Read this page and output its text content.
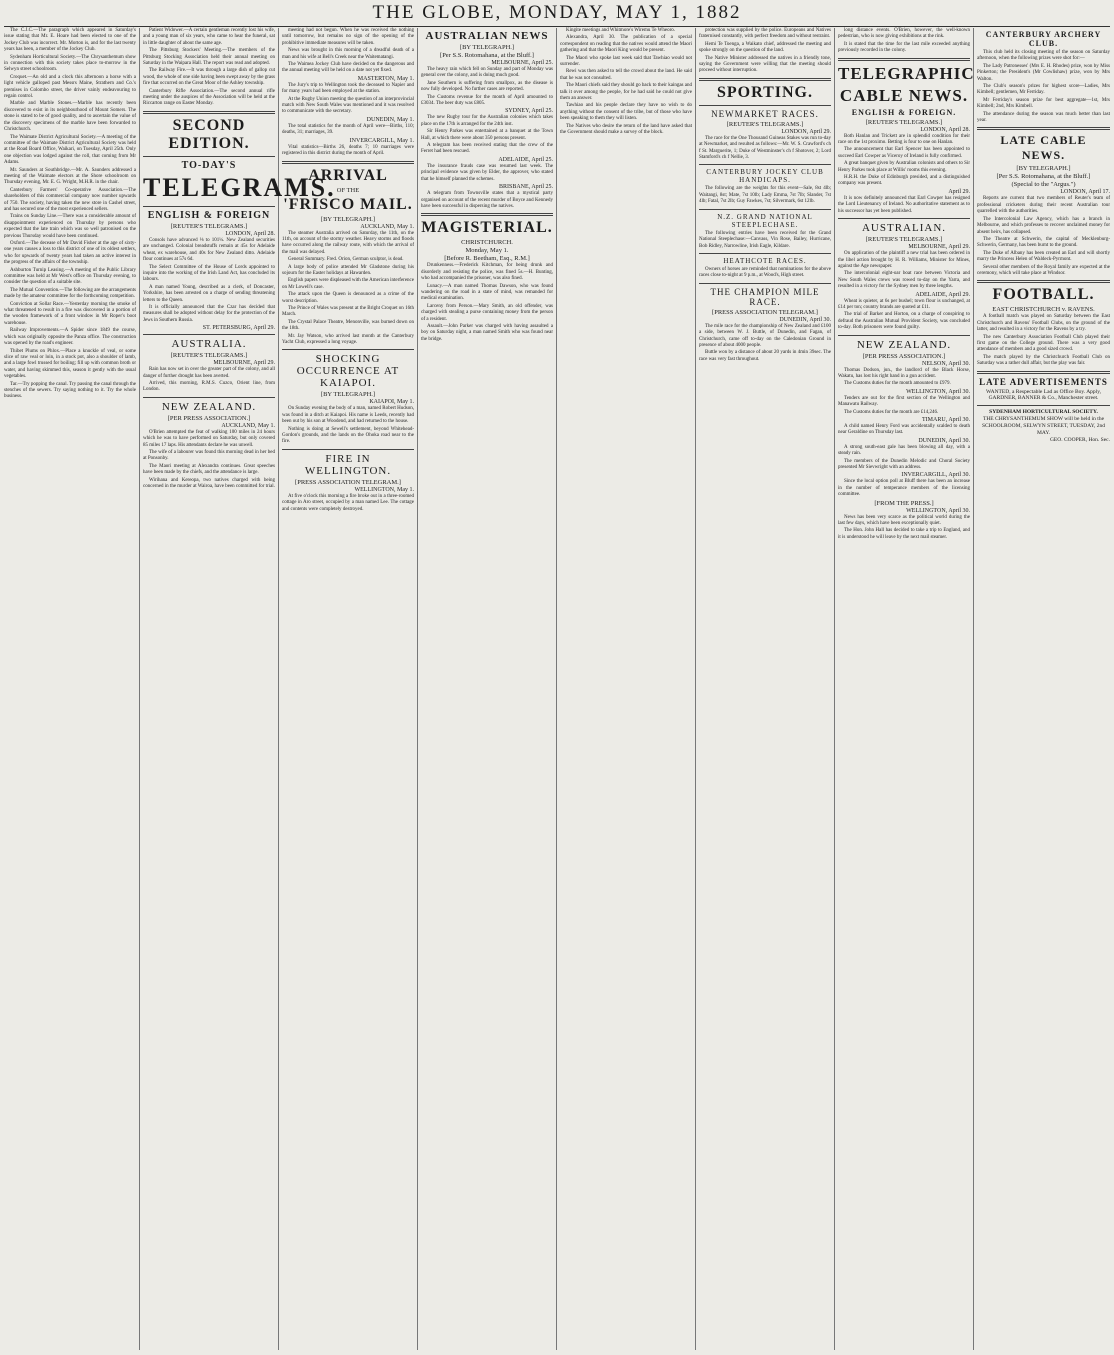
THE GLOBE, MONDAY, MAY 1, 1882

The C.J.C.—The paragraph which appeared in Saturday's issue stating that Mr. E. Hoare had been elected to one of the Jockey Club was incorrect. Mr. Morton is, and for the last twenty years has been, a member of the Jockey Club.

Sydenham Horticultural Society.—The Chrysanthemum show in connection with this society takes place to-morrow in the Selwyn street schoolroom.

Croquet.—An old and a clock this afternoon a horse with a light vehicle galloped past Messrs Maine, Strathern and Co.'s premises in Colombo street, the driver vainly endeavouring to regain control.

Marble and Marble Stones.—Marble has recently been discovered to exist in its neighbourhood of Mount Somers. The stone is stated to be of good quality, and to ascertain the value of the discovery specimens of the marble have been forwarded to Christchurch.

The Waimate District Agricultural Society.—A meeting of the committee of the Waimate District Agricultural Society was held at the Road Board Office, Waikari, on Tuesday, April 25th. Only one objection was lodged against the roll, that coming from Mr Adams.

Mr. Saunders at Southbridge.—Mr. A. Saunders addressed a meeting of the Waimate electors at the Shore schoolroom on Thursday evening, Mr. E. G. Wright, M.H.R. in the chair.

Canterbury Farmers' Co-operative Association.—The shareholders of this commercial company now number upwards of 750. The society, having taken the new store in Cashel street, and has secured one of the most experienced sellers.

Trains on Sunday Line.—There was a considerable amount of disappointment experienced on Thursday by persons who expected that the late train which was so well patronised on the previous Thursday would have been continued.

Oxford.—The decease of Mr David Fisher at the age of sixty-one years causes a loss to this district of one of its oldest settlers, who for upwards of twenty years had taken an active interest in the progress of the affairs of the township.

Ashburton Turnip Leasing.—A meeting of the Public Library committee was held at Mr West's office on Thursday evening, to consider the question of a suitable site.

The Mutual Convention.—The following are the arrangements made by the amateur committee for the forthcoming competition.

Conviction at Sollar Race.—Yesterday morning the smoke of what threatened to result in a fire was discovered in a portion of the wooden framework of a front window in Mr Roper's boot warehouse.

Railway Improvements.—A Spider since 1849 the course, which was originally opposite the Panza office. The construction was opened by the road's engineer.

Thibet Plums on Phlox.—Place a knuckle of veal, or some slice of raw veal or loin, in a stock pot, also a shoulder of lamb, and a large fowl trussed for boiling; fill up with common broth or water, and having skimmed this, season it gently with the usual vegetables.

Tar.—Try popping the canal. Try passing the canal through the stenches of the sewers. Try saying nothing to it. Try the whole business.

Patient Widower.—A certain gentleman recently lost his wife, and a young man of six years, who came to hear the funeral, sat in little daughter of about the same age.

The Pittsburg Stockers' Meeting.—The members of the Pittsburg Stocking Association held their annual meeting on Saturday in the Waipara Hall. The report was read and adopted.

The Railway Fire.—It was through a large dish of gallop cut wood, the whole of one side having been swept away by the grass fire that occurred on the Great Moor of the Ashley township.

Canterbury Rifle Association.—The second annual rifle meeting under the auspices of the Association will be held at the Riccarton range on Easter Monday.

SECOND EDITION.
TO-DAY'S
TELEGRAMS.
ENGLISH & FOREIGN
[REUTER'S TELEGRAMS.]
LONDON, April 28.

Consols have advanced ⅛ to 101¼. New Zealand securities are unchanged. Colonial breadstuffs remain at 45s for Adelaide wheat, ex warehouse, and 40s for New Zealand ditto. Adelaide flour continues at 57s 6d.

The Select Committee of the House of Lords appointed to inquire into the working of the Irish Land Act, has concluded its labours.

A man named Young, described as a clerk, of Doncaster, Yorkshire, has been arrested on a charge of sending threatening letters to the Queen.

It is officially announced that the Czar has decided that measures shall be adopted without delay for the protection of the Jews in Southern Russia.

ST. PETERSBURG, April 29.
AUSTRALIA.
[REUTER'S TELEGRAMS.]
MELBOURNE, April 29.

Rain has now set in over the greater part of the colony, and all danger of further drought has been averted.

Arrived, this morning, R.M.S. Cuzco, Orient line, from London.

NEW ZEALAND.
[PER PRESS ASSOCIATION.]
AUCKLAND, May 1.

O'Brien attempted the feat of walking 100 miles in 24 hours which he was to have performed on Saturday, but only covered 85 miles 17 laps. His attendants declare he was unwell.

The wife of a labourer was found this morning dead in her bed at Ponsonby.

The Maori meeting at Alexandra continues. Great speeches have been made by the chiefs, and the attendance is large.

Wirihana and Kereopa, two natives charged with being concerned in the murder at Wairoa, have been committed for trial.

meeting had not begun. When he was received the nothing until tomorrow, but remains no sign of the opening of the prohibitive immediate measures will be taken.

News was brought in this morning of a dreadful death of a man and his wife at Bell's Creek near the Waitematangi.

The Waimea Jockey Club have decided on the dangerous and the annual meeting will be held on a date not yet fixed.

MASTERTON, May 1.

The Jury's trip to Wellington took the deceased to Napier and for many years had been employed at the station.

At the Rugby Union meeting the question of an interprovincial match with New South Wales was mentioned and it was resolved to communicate with the secretary.

DUNEDIN, May 1.

The total statistics for the month of April were—Births, 110; deaths, 31; marriages, 39.

INVERCARGILL, May 1.

Vital statistics—Births 26, deaths 7; 10 marriages were registered in this district during the month of April.

ARRIVAL
OF THE
'FRISCO MAIL.
[BY TELEGRAPH.]
AUCKLAND, May 1.

The steamer Australia arrived on Saturday, the 11th, on the 11th, on account of the stormy weather. Heavy storms and floods have occurred along the railway route, with which the arrival of the mail was delayed.

General Summary. Fred. Orion, German sculptor, is dead.

A large body of police attended Mr Gladstone during his sojourn for the Easter holidays at Hawarden.

English papers were displeased with the American interference on Mr Lowell's case.

The attack upon the Queen is denounced as a crime of the worst description.

The Prince of Wales was present at the Bright Croquet on 16th March.

The Crystal Palace Theatre, Menonville, was burned down on the 18th.

Mr. Jay Watson, who arrived last month at the Canterbury Yacht Club, expressed a long voyage.

SHOCKING OCCURRENCE AT KAIAPOI.
[BY TELEGRAPH.]
KAIAPOI, May 1.

On Sunday evening the body of a man, named Robert Hudson, was found in a ditch at Kaiapoi. His name is Leeds, recently had been out by his son at Woodend, and had returned to the house.

Nothing is doing at Sewell's settlement, beyond Whitehead-Gordon's grounds, and the lands on the Ohoka road near to the fire.

FIRE IN WELLINGTON.
[PRESS ASSOCIATION TELEGRAM.]
WELLINGTON, May 1.

At five o'clock this morning a fire broke out in a three-roomed cottage in Aro street, occupied by a man named Lee. The cottage and contents were completely destroyed.

AUSTRALIAN NEWS
[BY TELEGRAPH.]
[Per S.S. Rotomahana, at the Bluff.]
MELBOURNE, April 25.

The heavy rain which fell on Sunday and part of Monday was general over the colony, and is doing much good.

Jane Southern is suffering from smallpox, as the disease is now fully developed. No further cases are reported.

The Customs revenue for the month of April amounted to £3034. The beer duty was £805.

SYDNEY, April 25.

The new Rugby tour for the Australian colonies which takes place on the 17th is arranged for the 24th inst.

Sir Henry Parkes was entertained at a banquet at the Town Hall, at which there were about 350 persons present.

A telegram has been received stating that the crew of the Ferret had been rescued.

ADELAIDE, April 25.

The insurance frauds case was resumed last week. The principal evidence was given by Elder, the approver, who stated that he himself planned the schemes.

BRISBANE, April 25.

A telegram from Townsville states that a mystical party organised on account of the recent murder of Boyce and Kennedy have been successful in dispersing the natives.

MAGISTERIAL.
CHRISTCHURCH.
Monday, May 1.
[Before R. Beetham, Esq., R.M.]

Drunkenness.—Frederick Kitchman, for being drunk and disorderly and resisting the police, was fined 5s.—H. Bunting, who had accompanied the prisoner, was also fined.

Lunacy.—A man named Thomas Dawson, who was found wandering on the road in a state of mind, was remanded for medical examination.

Larceny from Person.—Mary Smith, an old offender, was charged with stealing a purse containing money from the person of a resident.

Assault.—John Parker was charged with having assaulted a boy on Saturday night, a man named Smith who was found near the bridge.

Kingite meetings and Whitmore's Wiremu Te Wheoro.

Alexandra, April 30. The publication of a special correspondent on reading that the natives would attend the Maori gathering and that the Maori King would be present.

The Maori who spoke last week said that Tawhiao would not surrender.

Rewi was then asked to tell the crowd about the land. He said that he was not consulted.

The Maori chiefs said they should go back to their kaingas and talk it over among the people, for he had said he could not give them an answer.

Tawhiao and his people declare they have no wish to do anything without the consent of the tribe, but of those who have been speaking to them they will listen.

The Natives who desire the return of the land have asked that the Government should make a survey of the block.

protection was supplied by the police. Europeans and Natives fraternised constantly, with perfect freedom and without restraint.

Hemi Te Toenga, a Waikato chief, addressed the meeting and spoke strongly on the question of the land.

The Native Minister addressed the natives in a friendly tone, saying the Government were willing that the meeting should proceed without interruption.

SPORTING.
NEWMARKET RACES.
[REUTER'S TELEGRAMS.]
LONDON, April 29.

The race for the One Thousand Guineas Stakes was run to-day at Newmarket, and resulted as follows:—Mr. W. S. Crawford's ch f St. Marguerite, 1; Duke of Westminster's ch f Shotover, 2; Lord Stamford's ch f Nellie, 3.

CANTERBURY JOCKEY CLUB HANDICAPS.

The following are the weights for this event—Sale, 8st 4lb; Waitangi, 8st; Mate, 7st 10lb; Lady Emma, 7st 7lb; Slander, 7st 4lb; Fatal, 7st 2lb; Guy Fawkes, 7st; Silvermark, 6st 12lb.

N.Z. GRAND NATIONAL STEEPLECHASE.

The following entries have been received for the Grand National Steeplechase:—Canvass, Vin Rose, Bailey, Hurricane, Bob Ridley, Narrowline, Irish Eagle, Kildare.

HEATHCOTE RACES.

Owners of horses are reminded that nominations for the above races close to-night at 9 p.m., at Wood's, High street.

THE CHAMPION MILE RACE.
[PRESS ASSOCIATION TELEGRAM.]
DUNEDIN, April 30.

The mile race for the championship of New Zealand and £100 a side, between W. J. Buttle, of Dunedin, and Fagan, of Christchurch, came off to-day on the Caledonian Ground in presence of about 4000 people.

Buttle won by a distance of about 20 yards in 4min 39sec. The race was very fast throughout.

long distance events. O'Brien, however, the well-known pedestrian, who is now giving exhibitions at the rink.

It is stated that the time for the last mile exceeded anything previously recorded in the colony.

TELEGRAPHIC
CABLE NEWS.
ENGLISH & FOREIGN.
[REUTER'S TELEGRAMS.]
LONDON, April 28.

Both Hanlan and Trickett are in splendid condition for their race on the 1st proximo. Betting is four to one on Hanlan.

The announcement that Earl Spencer has been appointed to succeed Earl Cowper as Viceroy of Ireland is fully confirmed.

A great banquet given by Australian colonists and others to Sir Henry Parkes took place at Willis' rooms this evening.

H.R.H. the Duke of Edinburgh presided, and a distinguished company was present.

April 29.

It is now definitely announced that Earl Cowper has resigned the Lord Lieutenancy of Ireland. No authoritative statement as to his successor has yet been published.

AUSTRALIAN.
[REUTER'S TELEGRAMS.]
MELBOURNE, April 29.

On application of the plaintiff a new trial has been ordered in the libel action brought by H. R. Williams, Minister for Mines, against the Age newspaper.

The intercolonial eight-oar boat race between Victoria and New South Wales crews was rowed to-day on the Yarra, and resulted in a victory for the Sydney men by three lengths.

ADELAIDE, April 29.

Wheat is quieter, at 6s per bushel; town flour is unchanged, at £14 per ton; country brands are quoted at £11.

The trial of Barker and Horton, on a charge of conspiring to defraud the Australian Mutual Provident Society, was concluded to-day. Both prisoners were found guilty.

NEW ZEALAND.
[PER PRESS ASSOCIATION.]
NELSON, April 30.

Thomas Dodson, jun., the landlord of the Black Horse, Wakatu, has lost his right hand in a gun accident.

The Customs duties for the month amounted to £979.

WELLINGTON, April 30.

Tenders are out for the first section of the Wellington and Manawatu Railway.

The Customs duties for the month are £14,246.

TIMARU, April 30.

A child named Henry Ford was accidentally scalded to death near Geraldine on Thursday last.

DUNEDIN, April 30.

A strong south-east gale has been blowing all day, with a steady rain.

The members of the Dunedin Melodic and Choral Society presented Mr Sievwright with an address.

INVERCARGILL, April 30.

Since the local option poll at Bluff there has been an increase in the number of temperance members of the licensing committee.

[FROM THE PRESS.]
WELLINGTON, April 30.

News has been very scarce as the political world during the last few days, which have been exceptionally quiet.

The Hon. John Hall has decided to take a trip to England, and it is understood he will leave by the next mail steamer.

CANTERBURY ARCHERY CLUB.

This club held its closing meeting of the season on Saturday afternoon, when the following prizes were shot for:—

The Lady Patronesses' (Mrs E. H. Rhodes) prize, won by Miss Pinkerton; the President's (Mr Cowlishaw) prize, won by Mrs Walton.

The Club's season's prizes for highest score—Ladies, Mrs Kimbell; gentlemen, Mr Ferriday.

Mr Ferriday's season prize for best aggregate—1st, Mrs Kimbell; 2nd, Mrs Kimbell.

The attendance during the season was much better than last year.

LATE CABLE NEWS.
[BY TELEGRAPH.]
[Per S.S. Rotomahana, at the Bluff.]
(Special to the "Argus.")
LONDON, April 17.

Reports are current that two members of Reuter's team of professional cricketers during their recent Australian tour quarrelled with the authorities.

The Intercolonial Law Agency, which has a branch in Melbourne, and which professes to recover unclaimed money for absent heirs, has collapsed.

The Theatre at Schwerin, the capital of Mecklenburg-Schwerin, Germany, has been burnt to the ground.

The Duke of Albany has been created an Earl and will shortly marry the Princess Helen of Waldeck-Pyrmont.

Several other members of the Royal family are expected at the ceremony, which will take place at Windsor.

FOOTBALL.
EAST CHRISTCHURCH v. RAVENS.

A football match was played on Saturday between the East Christchurch and Ravens' Football Clubs, on the ground of the latter, and resulted in a victory for the Ravens by a try.

The new Canterbury Association Football Club played their first game on the College ground. There was a very good attendance of members and a good sized crowd.

The match played by the Christchurch Football Club on Saturday was a rather dull affair, but the play was fair.

LATE ADVERTISEMENTS
WANTED, a Respectable Lad as Office Boy. Apply, GARDNER, BANNER & Co., Manchester street.
SYDENHAM HORTICULTURAL SOCIETY.
THE CHRYSANTHEMUM SHOW will be held in the SCHOOLROOM, SELWYN STREET, TUESDAY, 2nd MAY.
GEO. COOPER, Hon. Sec.
